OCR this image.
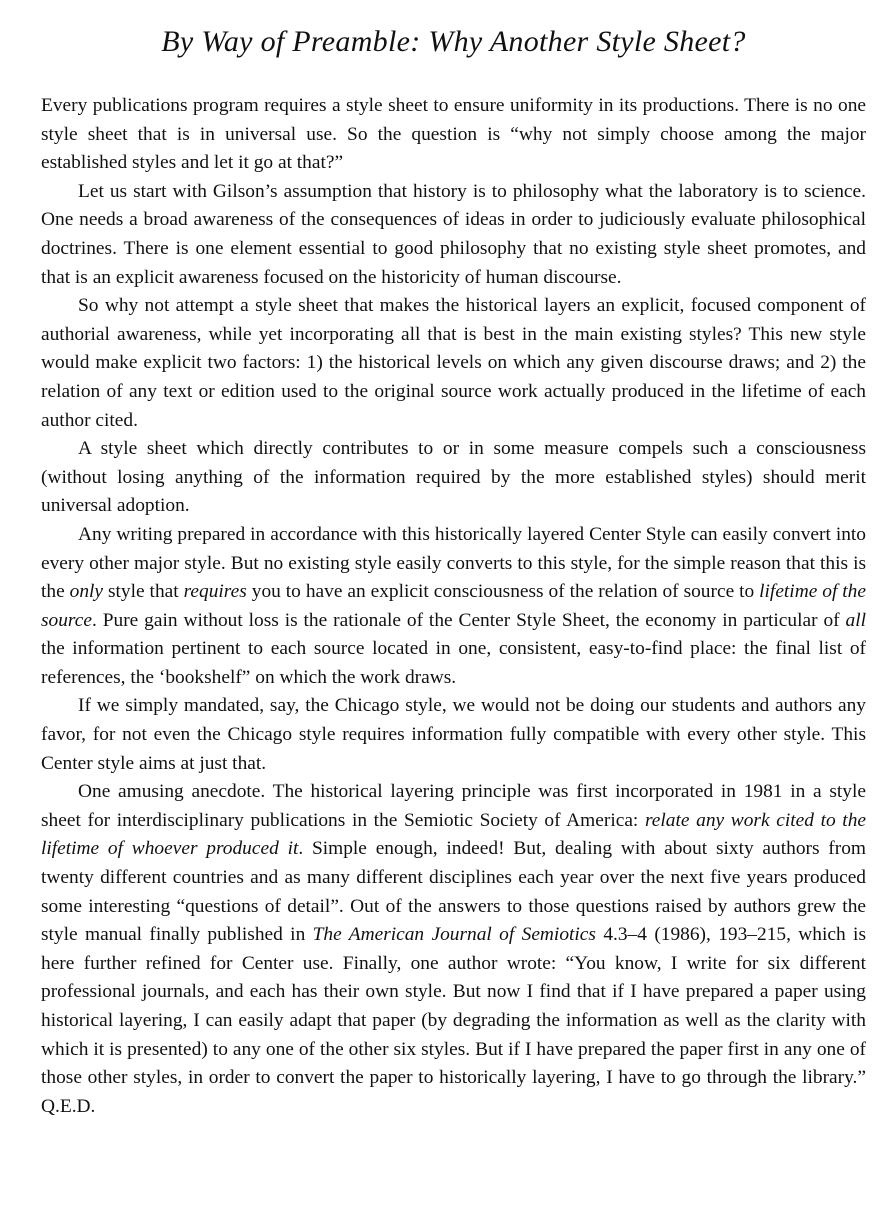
By Way of Preamble: Why Another Style Sheet?

Every publications program requires a style sheet to ensure uniformity in its productions. There is no one style sheet that is in universal use. So the question is “why not simply choose among the major established styles and let it go at that?”

Let us start with Gilson’s assumption that history is to philosophy what the laboratory is to science. One needs a broad awareness of the consequences of ideas in order to judiciously evaluate philosophical doctrines. There is one element essential to good philosophy that no existing style sheet promotes, and that is an explicit awareness focused on the historicity of human discourse.

So why not attempt a style sheet that makes the historical layers an explicit, focused component of authorial awareness, while yet incorporating all that is best in the main existing styles? This new style would make explicit two factors: 1) the historical levels on which any given discourse draws; and 2) the relation of any text or edition used to the original source work actually produced in the lifetime of each author cited.

A style sheet which directly contributes to or in some measure compels such a consciousness (without losing anything of the information required by the more established styles) should merit universal adoption.

Any writing prepared in accordance with this historically layered Center Style can easily convert into every other major style. But no existing style easily converts to this style, for the simple reason that this is the only style that requires you to have an explicit consciousness of the relation of source to lifetime of the source. Pure gain without loss is the rationale of the Center Style Sheet, the economy in particular of all the information pertinent to each source located in one, consistent, easy-to-find place: the final list of references, the ‘bookshelf” on which the work draws.

If we simply mandated, say, the Chicago style, we would not be doing our students and authors any favor, for not even the Chicago style requires information fully compatible with every other style. This Center style aims at just that.

One amusing anecdote. The historical layering principle was first incorporated in 1981 in a style sheet for interdisciplinary publications in the Semiotic Society of America: relate any work cited to the lifetime of whoever produced it. Simple enough, indeed! But, dealing with about sixty authors from twenty different countries and as many different disciplines each year over the next five years produced some interesting “questions of detail”. Out of the answers to those questions raised by authors grew the style manual finally published in The American Journal of Semiotics 4.3–4 (1986), 193–215, which is here further refined for Center use. Finally, one author wrote: “You know, I write for six different professional journals, and each has their own style. But now I find that if I have prepared a paper using historical layering, I can easily adapt that paper (by degrading the information as well as the clarity with which it is presented) to any one of the other six styles. But if I have prepared the paper first in any one of those other styles, in order to convert the paper to historically layering, I have to go through the library.” Q.E.D.
